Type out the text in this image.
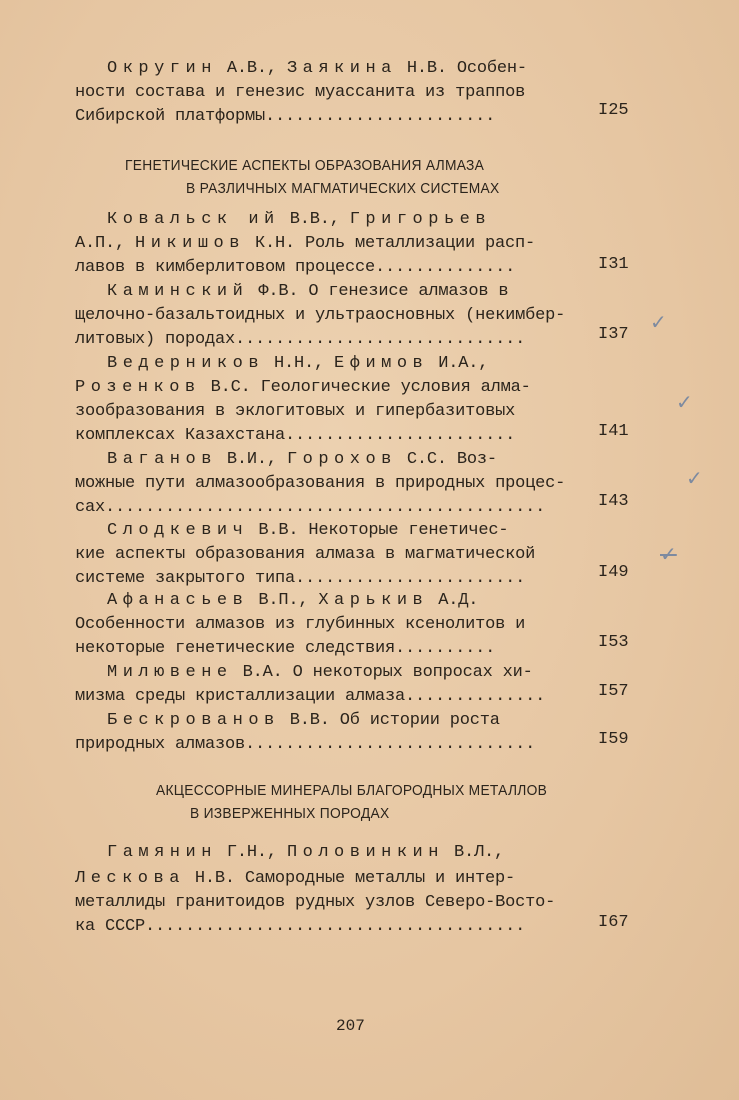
Округин А.В., Заякина Н.В. Особен-
ности состава и генезис муассанита из траппов
Сибирской платформы.......................	I25
ГЕНЕТИЧЕСКИЕ АСПЕКТЫ ОБРАЗОВАНИЯ АЛМАЗА
В РАЗЛИЧНЫХ МАГМАТИЧЕСКИХ СИСТЕМАХ
Ковальск ий В.В., Григорьев
А.П., Никишов К.Н. Роль металлизации расп-
лавов в кимберлитовом процессе..............	I31
Каминский Ф.В. О генезисе алмазов в
щелочно-базальтоидных и ультраосновных (некимбер-
литовых) породах.............................	I37
✓
Ведерников Н.Н., Ефимов И.А.,
Розенков В.С. Геологические условия алма-
зообразования в эклогитовых и гипербазитовых
комплексах Казахстана.......................	I41
✓
Ваганов В.И., Горохов С.С. Воз-
можные пути алмазообразования в природных процес-
сах............................................	I43
✓
Слодкевич В.В. Некоторые генетичес-
кие аспекты образования алмаза в магматической
системе закрытого типа.......................	I49
✓
Афанасьев В.П., Харькив А.Д.
Особенности алмазов из глубинных ксенолитов и
некоторые генетические следствия..........	I53
Милювене В.А. О некоторых вопросах хи-
мизма среды кристаллизации алмаза..............	I57
Бескрованов В.В. Об истории роста
природных алмазов.............................	I59
АКЦЕССОРНЫЕ МИНЕРАЛЫ БЛАГОРОДНЫХ МЕТАЛЛОВ
В ИЗВЕРЖЕННЫХ ПОРОДАХ
Гамянин Г.Н., Половинкин В.Л.,
Лескова Н.В. Самородные металлы и интер-
металлиды гранитоидов рудных узлов Северо-Восто-
ка СССР......................................	I67
207
